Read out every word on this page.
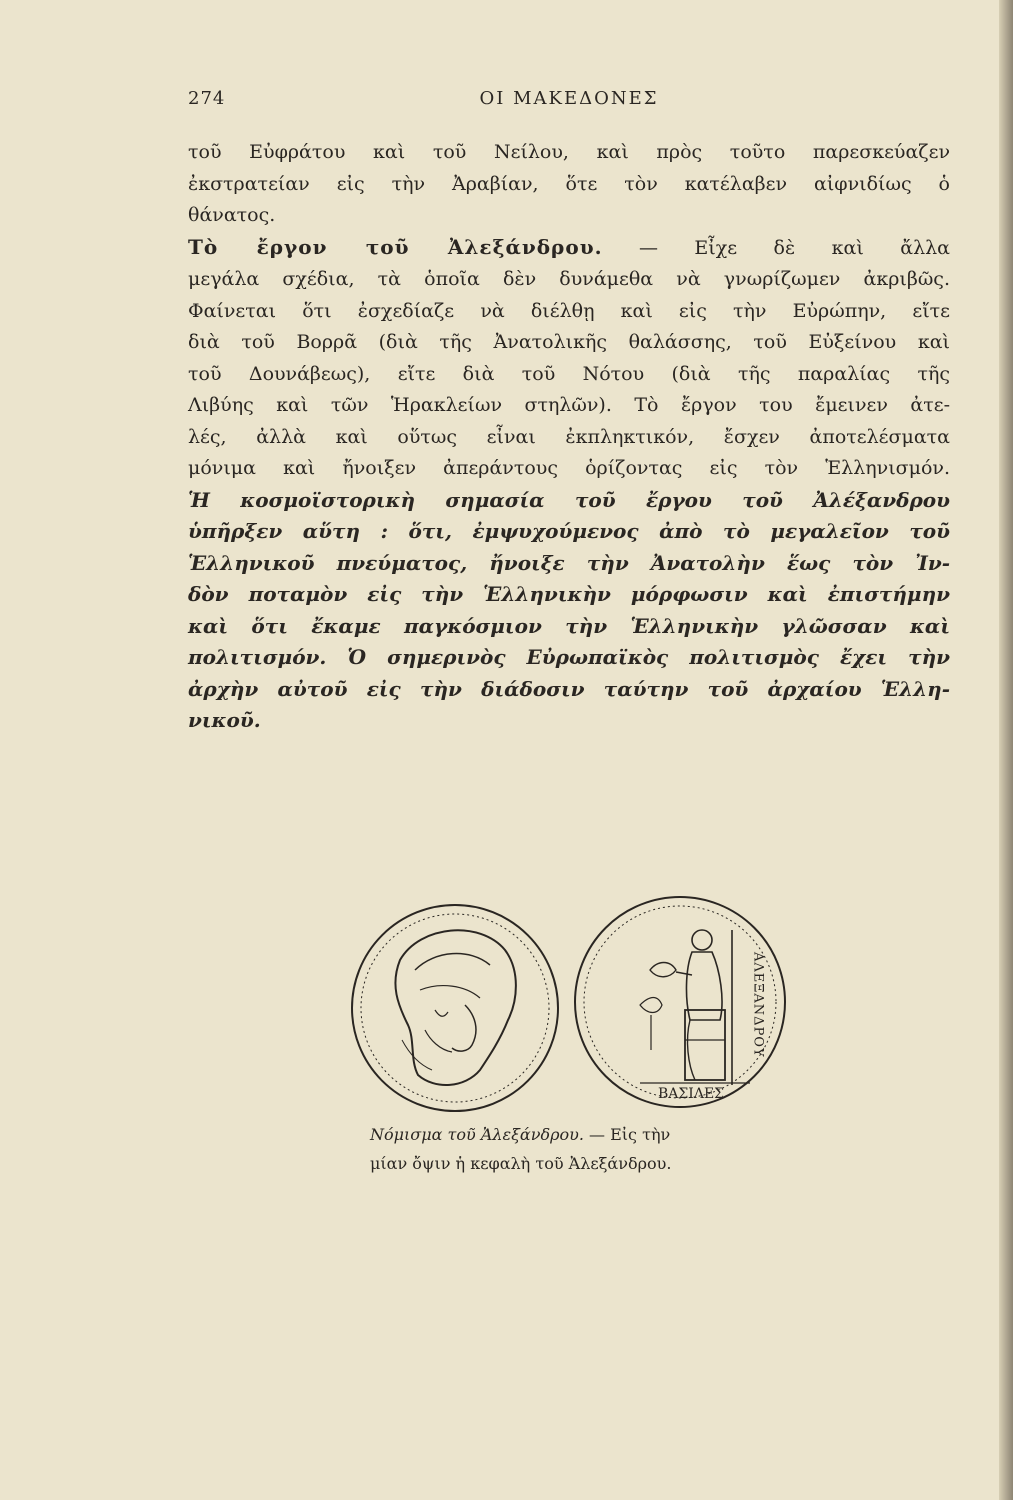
274	ΟΙ ΜΑΚΕΔΟΝΕΣ

τοῦ Εὐφράτου καὶ τοῦ Νείλου, καὶ πρὸς τοῦτο παρεσκεύαζεν

ἐκστρατείαν εἰς τὴν Ἀραβίαν, ὅτε τὸν κατέλαβεν αἰφνιδίως ὁ

θάνατος.

Τὸ ἔργον τοῦ Ἀλεξάνδρου. — Εἶχε δὲ καὶ ἄλλα

μεγάλα σχέδια, τὰ ὁποῖα δὲν δυνάμεθα νὰ γνωρίζωμεν ἀκριβῶς.

Φαίνεται ὅτι ἐσχεδίαζε νὰ διέλθῃ καὶ εἰς τὴν Εὐρώπην, εἴτε

διὰ τοῦ Βορρᾶ (διὰ τῆς Ἀνατολικῆς θαλάσσης, τοῦ Εὐξείνου καὶ

τοῦ Δουνάβεως), εἴτε διὰ τοῦ Νότου (διὰ τῆς παραλίας τῆς

Λιβύης καὶ τῶν Ἡρακλείων στηλῶν). Τὸ ἔργον του ἔμεινεν ἀτε-

λές, ἀλλὰ καὶ οὕτως εἶναι ἐκπληκτικόν, ἔσχεν ἀποτελέσματα

μόνιμα καὶ ἤνοιξεν ἀπεράντους ὁρίζοντας εἰς τὸν Ἑλληνισμόν.

Ἡ κοσμοϊστορικὴ σημασία τοῦ ἔργου τοῦ Ἀλέξανδρου

ὑπῆρξεν αὕτη : ὅτι, ἐμψυχούμενος ἀπὸ τὸ μεγαλεῖον τοῦ

Ἑλληνικοῦ πνεύματος, ἤνοιξε τὴν Ἀνατολὴν ἕως τὸν Ἰν-

δὸν ποταμὸν εἰς τὴν Ἑλληνικὴν μόρφωσιν καὶ ἐπιστήμην

καὶ ὅτι ἔκαμε παγκόσμιον τὴν Ἑλληνικὴν γλῶσσαν καὶ

πολιτισμόν. Ὁ σημερινὸς Εὐρωπαϊκὸς πολιτισμὸς ἔχει τὴν

ἀρχὴν αὐτοῦ εἰς τὴν διάδοσιν ταύτην τοῦ ἀρχαίου Ἑλλη-

νικοῦ.

ΑΛΕΞΑΝΔΡΟΥ
ΒΑΣΙΛΕΣ
Νόμισμα τοῦ Ἀλεξάνδρου. — Εἰς τὴν
μίαν ὄψιν ἡ κεφαλὴ τοῦ Ἀλεξάνδρου.
